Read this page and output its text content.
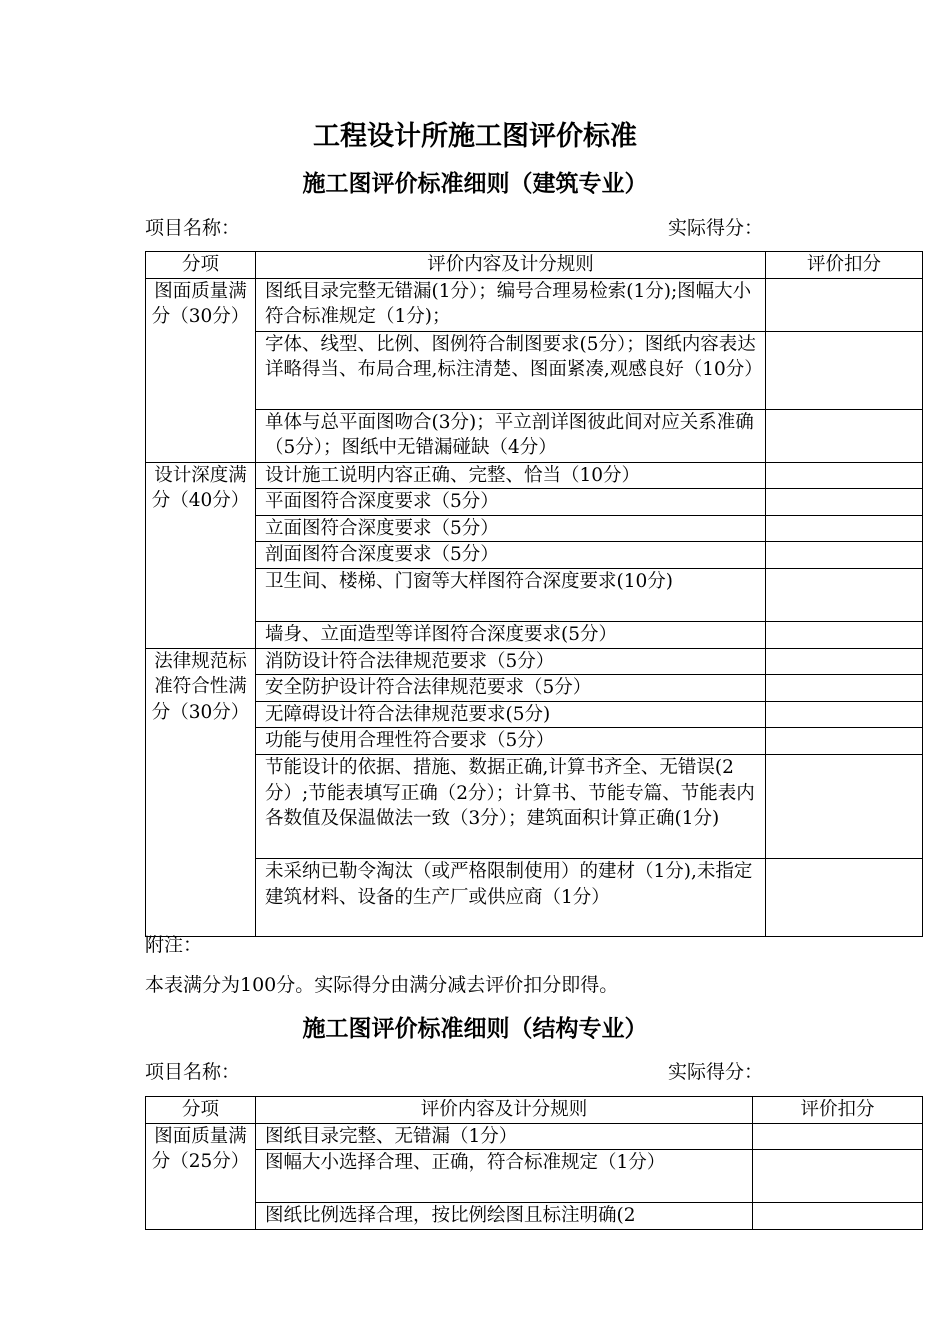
工程设计所施工图评价标准
施工图评价标准细则（建筑专业）
项目名称：	实际得分：
分项	评价内容及计分规则	评价扣分
图面质量满分（30分）	图纸目录完整无错漏(1分）；编号合理易检索(1分);图幅大小符合标准规定（1分)；	
	字体、线型、比例、图例符合制图要求(5分）；图纸内容表达详略得当、布局合理,标注清楚、图面紧凑,观感良好（10分）	
	单体与总平面图吻合(3分)；平立剖详图彼此间对应关系准确（5分）；图纸中无错漏碰缺（4分）	
设计深度满分（40分）	设计施工说明内容正确、完整、恰当（10分）	
	平面图符合深度要求（5分）	
	立面图符合深度要求（5分）	
	剖面图符合深度要求（5分）	
	卫生间、楼梯、门窗等大样图符合深度要求(10分)	
	墙身、立面造型等详图符合深度要求(5分）	
法律规范标准符合性满分（30分）	消防设计符合法律规范要求（5分）	
	安全防护设计符合法律规范要求（5分）	
	无障碍设计符合法律规范要求(5分)	
	功能与使用合理性符合要求（5分）	
	节能设计的依据、措施、数据正确,计算书齐全、无错误(2分）;节能表填写正确（2分）；计算书、节能专篇、节能表内各数值及保温做法一致（3分）；建筑面积计算正确(1分)	
	未采纳已勒令淘汰（或严格限制使用）的建材（1分),未指定建筑材料、设备的生产厂或供应商（1分）	
附注：
本表满分为100分。实际得分由满分减去评价扣分即得。
施工图评价标准细则（结构专业）
项目名称：	实际得分：
分项	评价内容及计分规则	评价扣分
图面质量满分（25分）	图纸目录完整、无错漏（1分）	
	图幅大小选择合理、正确，符合标准规定（1分）	
	图纸比例选择合理，按比例绘图且标注明确(2	
